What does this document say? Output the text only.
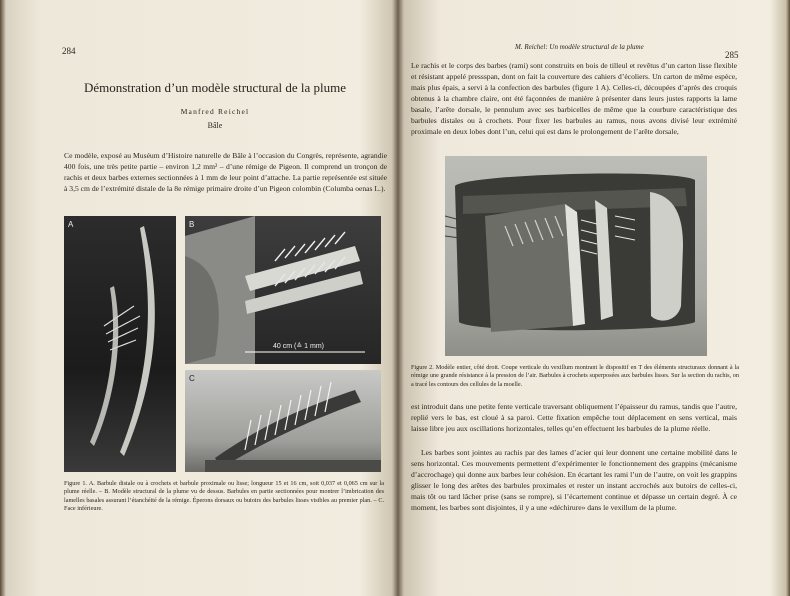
284
Démonstration d’un modèle structural de la plume
Manfred Reichel
Bâle

Ce modèle, exposé au Muséum d’Histoire naturelle de Bâle à l’occasion du Congrès, représente, agrandie 400 fois, une très petite partie – environ 1,2 mm² – d’une rémige de Pigeon. Il comprend un tronçon de rachis et deux barbes externes sectionnées à 1 mm de leur point d’attache. La partie représentée est située à 3,5 cm de l’extrémité distale de la 8e rémige primaire droite d’un Pigeon colombin (Columba oenas L.).

A	B
40 cm (≙ 1 mm)
C

Figure 1. A. Barbule distale ou à crochets et barbule proximale ou lisse; longueur 15 et 16 cm, soit 0,037 et 0,065 cm sur la plume réelle. – B. Modèle structural de la plume vu de dessus. Barbules en partie sectionnées pour montrer l’imbrication des lamelles basales assurant l’étanchéité de la rémige. Éperons dorsaux ou butoirs des barbules lisses visibles au premier plan. – C. Face inférieure.

M. Reichel: Un modèle structural de la plume
285

Le rachis et le corps des barbes (rami) sont construits en bois de tilleul et revêtus d’un carton lisse flexible et résistant appelé pressspan, dont on fait la couverture des cahiers d’écoliers. Un carton de même espèce, mais plus épais, a servi à la confection des barbules (figure 1 A). Celles-ci, découpées d’après des croquis obtenus à la chambre claire, ont été façonnées de manière à présenter dans leurs justes rapports la lame basale, l’arête dorsale, le pennulum avec ses barbicelles de même que la courbure caractéristique des barbules distales ou à crochets. Pour fixer les barbules au ramus, nous avons divisé leur extrémité proximale en deux lobes dont l’un, celui qui est dans le prolongement de l’arête dorsale,

Figure 2. Modèle entier, côté droit. Coupe verticale du vexillum montrant le dispositif en T des éléments structuraux donnant à la rémige une grande résistance à la pression de l’air. Barbules à crochets superposées aux barbules lisses. Sur la section du rachis, on a tracé les contours des cellules de la moelle.

est introduit dans une petite fente verticale traversant obliquement l’épaisseur du ramus, tandis que l’autre, replié vers le bas, est cloué à sa paroi. Cette fixation empêche tout déplacement en sens vertical, mais laisse libre jeu aux oscillations horizontales, telles qu’en effectuent les barbules de la plume réelle.

Les barbes sont jointes au rachis par des lames d’acier qui leur donnent une certaine mobilité dans le sens horizontal. Ces mouvements permettent d’expérimenter le fonctionnement des grappins (mécanisme d’accrochage) qui donne aux barbes leur cohésion. En écartant les rami l’un de l’autre, on voit les grappins glisser le long des arêtes des barbules proximales et rester un instant accrochés aux butoirs de celles-ci, mais tôt ou tard lâcher prise (sans se rompre), si l’écartement continue et dépasse un certain degré. À ce moment, les barbes sont disjointes, il y a une «déchirure» dans le vexillum de la plume.
